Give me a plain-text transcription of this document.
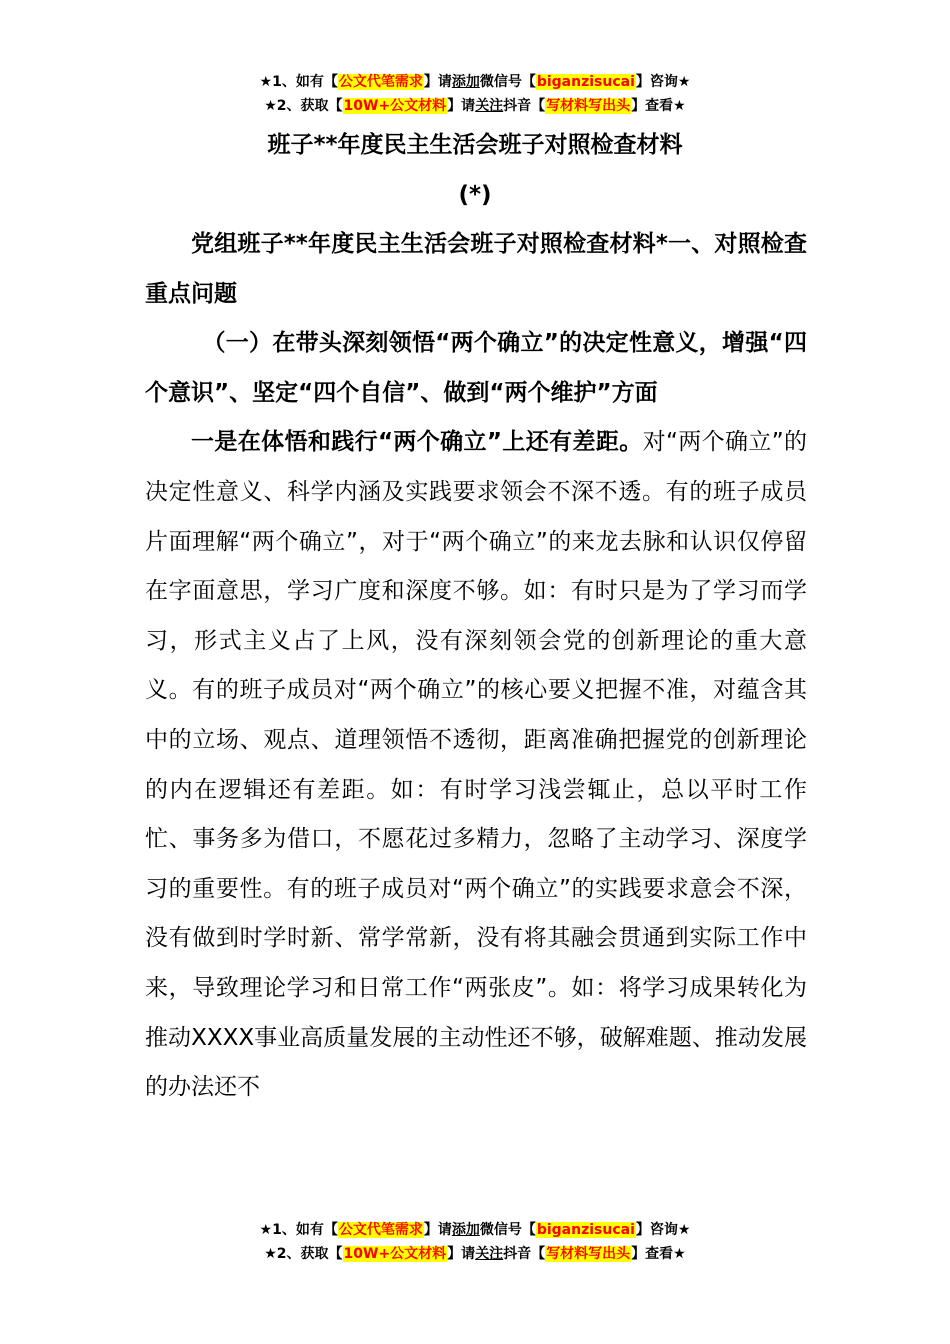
★1、如有【公文代笔需求】请添加微信号【biganzisucai】咨询★
★2、获取【10W+公文材料】请关注抖音【写材料写出头】查看★
班子**年度民主生活会班子对照检查材料
(*)

党组班子**年度民主生活会班子对照检查材料*一、对照检查重点问题

（一）在带头深刻领悟“两个确立”的决定性意义，增强“四个意识”、坚定“四个自信”、做到“两个维护”方面

一是在体悟和践行“两个确立”上还有差距。对“两个确立”的决定性意义、科学内涵及实践要求领会不深不透。有的班子成员片面理解“两个确立”，对于“两个确立”的来龙去脉和认识仅停留在字面意思，学习广度和深度不够。如：有时只是为了学习而学习，形式主义占了上风，没有深刻领会党的创新理论的重大意义。有的班子成员对“两个确立”的核心要义把握不准，对蕴含其中的立场、观点、道理领悟不透彻，距离准确把握党的创新理论的内在逻辑还有差距。如：有时学习浅尝辄止，总以平时工作忙、事务多为借口，不愿花过多精力，忽略了主动学习、深度学习的重要性。有的班子成员对“两个确立”的实践要求意会不深，没有做到时学时新、常学常新，没有将其融会贯通到实际工作中来，导致理论学习和日常工作“两张皮”。如：将学习成果转化为推动XXXX事业高质量发展的主动性还不够，破解难题、推动发展的办法还不

★1、如有【公文代笔需求】请添加微信号【biganzisucai】咨询★
★2、获取【10W+公文材料】请关注抖音【写材料写出头】查看★
